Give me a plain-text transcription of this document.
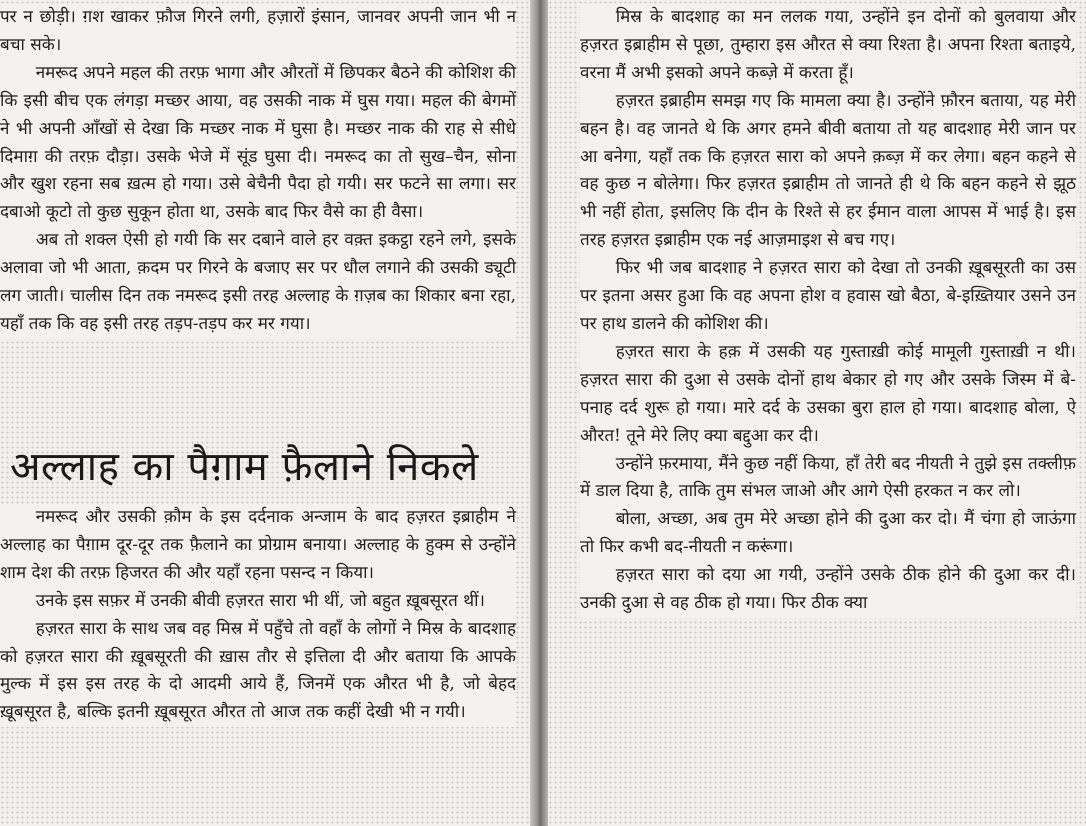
पर न छोड़ी। ग़श खाकर फ़ौज गिरने लगी, हज़ारों इंसान, जानवर अपनी जान भी न बचा सके।

नमरूद अपने महल की तरफ़ भागा और औरतों में छिपकर बैठने की कोशिश की कि इसी बीच एक लंगड़ा मच्छर आया, वह उसकी नाक में घुस गया। महल की बेगमों ने भी अपनी आँखों से देखा कि मच्छर नाक में घुसा है। मच्छर नाक की राह से सीधे दिमाग़ की तरफ़ दौड़ा। उसके भेजे में सूंड घुसा दी। नमरूद का तो सुख–चैन, सोना और खुश रहना सब ख़त्म हो गया। उसे बेचैनी पैदा हो गयी। सर फटने सा लगा। सर दबाओ कूटो तो कुछ सुकून होता था, उसके बाद फिर वैसे का ही वैसा।

अब तो शक्ल ऐसी हो गयी कि सर दबाने वाले हर वक़्त इकट्ठा रहने लगे, इसके अलावा जो भी आता, क़दम पर गिरने के बजाए सर पर धौल लगाने की उसकी ड्यूटी लग जाती। चालीस दिन तक नमरूद इसी तरह अल्लाह के ग़ज़ब का शिकार बना रहा, यहाँ तक कि वह इसी तरह तड़प-तड़प कर मर गया।

अल्लाह का पैग़ाम फ़ैलाने निकले

नमरूद और उसकी क़ौम के इस दर्दनाक अन्जाम के बाद हज़रत इब्राहीम ने अल्लाह का पैग़ाम दूर-दूर तक फ़ैलाने का प्रोग्राम बनाया। अल्लाह के हुक्म से उन्होंने शाम देश की तरफ़ हिजरत की और यहाँ रहना पसन्द न किया।

उनके इस सफ़र में उनकी बीवी हज़रत सारा भी थीं, जो बहुत ख़ूबसूरत थीं।

हज़रत सारा के साथ जब वह मिस्र में पहुँचे तो वहाँ के लोगों ने मिस्र के बादशाह को हज़रत सारा की ख़ूबसूरती की ख़ास तौर से इत्तिला दी और बताया कि आपके मुल्क में इस इस तरह के दो आदमी आये हैं, जिनमें एक औरत भी है, जो बेहद ख़ूबसूरत है, बल्कि इतनी ख़ूबसूरत औरत तो आज तक कहीं देखी भी न गयी।

मिस्र के बादशाह का मन ललक गया, उन्होंने इन दोनों को बुलवाया और हज़रत इब्राहीम से पूछा, तुम्हारा इस औरत से क्या रिश्ता है। अपना रिश्ता बताइये, वरना मैं अभी इसको अपने कब्ज़े में करता हूँ।

हज़रत इब्राहीम समझ गए कि मामला क्या है। उन्होंने फ़ौरन बताया, यह मेरी बहन है। वह जानते थे कि अगर हमने बीवी बताया तो यह बादशाह मेरी जान पर आ बनेगा, यहाँ तक कि हज़रत सारा को अपने क़ब्ज़ में कर लेगा। बहन कहने से वह कुछ न बोलेगा। फिर हज़रत इब्राहीम तो जानते ही थे कि बहन कहने से झूठ भी नहीं होता, इसलिए कि दीन के रिश्ते से हर ईमान वाला आपस में भाई है। इस तरह हज़रत इब्राहीम एक नई आज़माइश से बच गए।

फिर भी जब बादशाह ने हज़रत सारा को देखा तो उनकी ख़ूबसूरती का उस पर इतना असर हुआ कि वह अपना होश व हवास खो बैठा, बे-इख़्तियार उसने उन पर हाथ डालने की कोशिश की।

हज़रत सारा के हक़ में उसकी यह गुस्ताख़ी कोई मामूली गुस्ताख़ी न थी। हज़रत सारा की दुआ से उसके दोनों हाथ बेकार हो गए और उसके जिस्म में बे-पनाह दर्द शुरू हो गया। मारे दर्द के उसका बुरा हाल हो गया। बादशाह बोला, ऐ औरत! तूने मेरे लिए क्या बद्दुआ कर दी।

उन्होंने फ़रमाया, मैंने कुछ नहीं किया, हाँ तेरी बद नीयती ने तुझे इस तक्लीफ़ में डाल दिया है, ताकि तुम संभल जाओ और आगे ऐसी हरकत न कर लो।

बोला, अच्छा, अब तुम मेरे अच्छा होने की दुआ कर दो। मैं चंगा हो जाऊंगा तो फिर कभी बद-नीयती न करूंगा।

हज़रत सारा को दया आ गयी, उन्होंने उसके ठीक होने की दुआ कर दी। उनकी दुआ से वह ठीक हो गया। फिर ठीक क्या
